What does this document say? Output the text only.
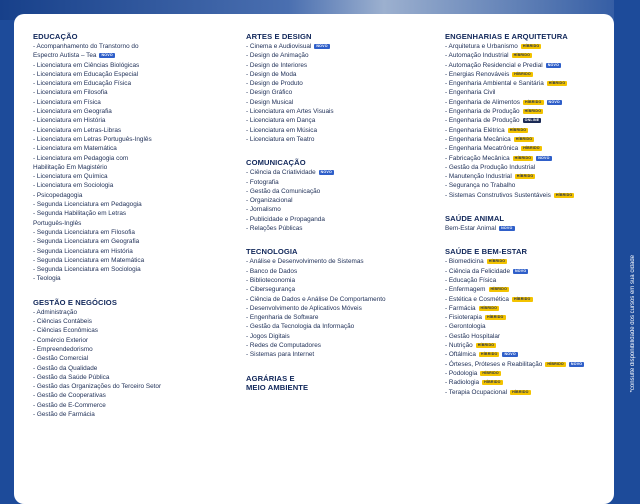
*consulte disponibilidade dos cursos em sua cidade
EDUCAÇÃO
- Acompanhamento do Transtorno do
Espectro Autista – Tea NOVO
- Licenciatura em Ciências Biológicas
- Licenciatura em Educação Especial
- Licenciatura em Educação Física
- Licenciatura em Filosofia
- Licenciatura em Física
- Licenciatura em Geografia
- Licenciatura em História
- Licenciatura em Letras-Libras
- Licenciatura em Letras Português-Inglês
- Licenciatura em Matemática
- Licenciatura em Pedagogia com
Habilitação Em Magistério
- Licenciatura em Química
- Licenciatura em Sociologia
- Psicopedagogia
- Segunda Licenciatura em Pedagogia
- Segunda Habilitação em Letras
Português-Inglês
- Segunda Licenciatura em Filosofia
- Segunda Licenciatura em Geografia
- Segunda Licenciatura em História
- Segunda Licenciatura em Matemática
- Segunda Licenciatura em Sociologia
- Teologia
GESTÃO E NEGÓCIOS
- Administração
- Ciências Contábeis
- Ciências Econômicas
- Comércio Exterior
- Empreendedorismo
- Gestão Comercial
- Gestão da Qualidade
- Gestão da Saúde Pública
- Gestão das Organizações do Terceiro Setor
- Gestão de Cooperativas
- Gestão de E-Commerce
- Gestão de Farmácia
ARTES E DESIGN
- Cinema e Audiovisual NOVO
- Design de Animação
- Design de Interiores
- Design de Moda
- Design de Produto
- Design Gráfico
- Design Musical
- Licenciatura em Artes Visuais
- Licenciatura em Dança
- Licenciatura em Música
- Licenciatura em Teatro
COMUNICAÇÃO
- Ciência da Criatividade NOVO
- Fotografia
- Gestão da Comunicação
- Organizacional
- Jornalismo
- Publicidade e Propaganda
- Relações Públicas
TECNOLOGIA
- Análise e Desenvolvimento de Sistemas
- Banco de Dados
- Biblioteconomia
- Cibersegurança
- Ciência de Dados e Análise De Comportamento
- Desenvolvimento de Aplicativos Móveis
- Engenharia de Software
- Gestão da Tecnologia da Informação
- Jogos Digitais
- Redes de Computadores
- Sistemas para Internet
AGRÁRIAS E MEIO AMBIENTE
ENGENHARIAS E ARQUITETURA
- Arquitetura e Urbanismo HÍBRIDO
- Automação Industrial HÍBRIDO
- Automação Residencial e Predial NOVO
- Energias Renováveis HÍBRIDO
- Engenharia Ambiental e Sanitária HÍBRIDO
- Engenharia Civil
- Engenharia de Alimentos HÍBRIDO NOVO
- Engenharia de Produção HÍBRIDO
- Engenharia de Produção ONLINE
- Engenharia Elétrica HÍBRIDO
- Engenharia Mecânica HÍBRIDO
- Engenharia Mecatrônica HÍBRIDO
- Fabricação Mecânica HÍBRIDO NOVO
- Gestão da Produção Industrial
- Manutenção Industrial HÍBRIDO
- Segurança no Trabalho
- Sistemas Construtivos Sustentáveis HÍBRIDO
SAÚDE ANIMAL
Bem-Estar Animal NOVO
SAÚDE E BEM-ESTAR
- Biomedicina HÍBRIDO
- Ciência da Felicidade NOVO
- Educação Física
- Enfermagem HÍBRIDO
- Estética e Cosmética HÍBRIDO
- Farmácia HÍBRIDO
- Fisioterapia HÍBRIDO
- Gerontologia
- Gestão Hospitalar
- Nutrição HÍBRIDO
- Oftálmica HÍBRIDO NOVO
- Órteses, Próteses e Reabilitação HÍBRIDO NOVO
- Podologia HÍBRIDO
- Radiologia HÍBRIDO
- Terapia Ocupacional HÍBRIDO
